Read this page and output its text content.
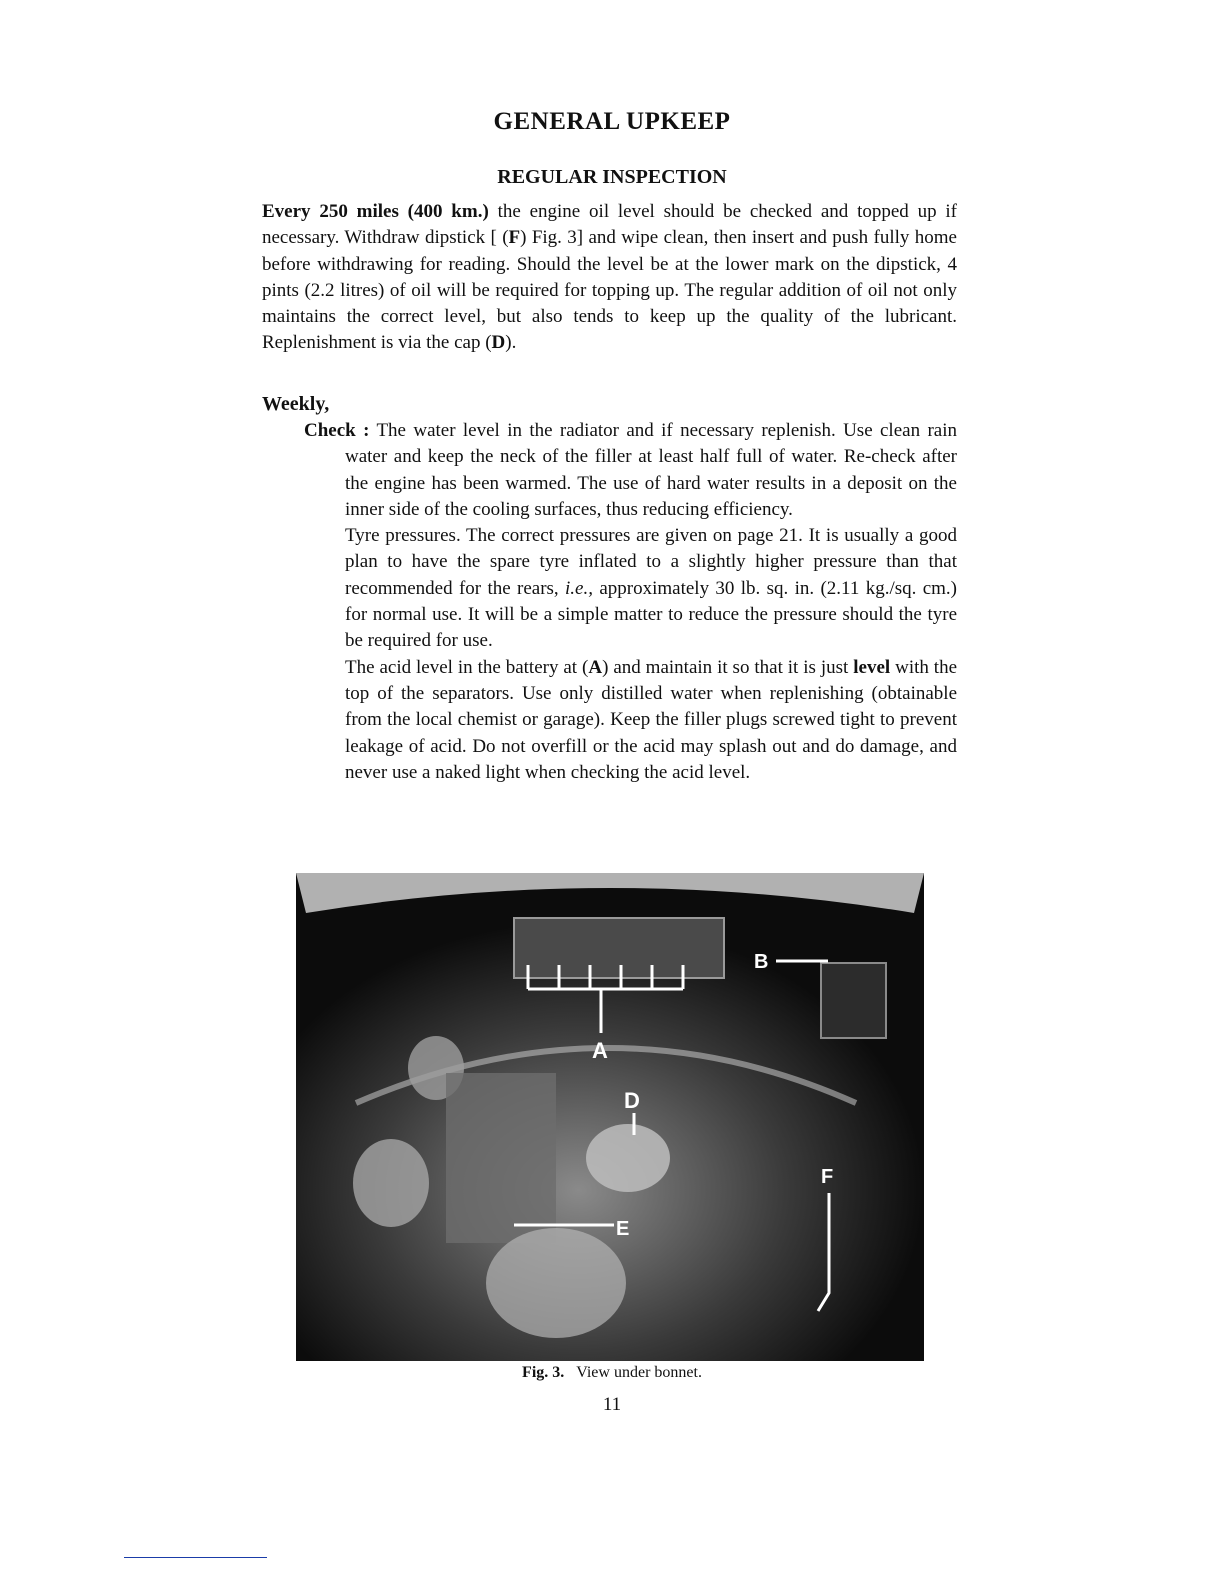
GENERAL UPKEEP
REGULAR INSPECTION
Every 250 miles (400 km.) the engine oil level should be checked and topped up if necessary. Withdraw dipstick [ (F) Fig. 3] and wipe clean, then insert and push fully home before withdrawing for reading. Should the level be at the lower mark on the dipstick, 4 pints (2.2 litres) of oil will be required for topping up. The regular addition of oil not only maintains the correct level, but also tends to keep up the quality of the lubricant. Replenishment is via the cap (D).
Weekly,

Check : The water level in the radiator and if necessary replenish. Use clean rain water and keep the neck of the filler at least half full of water. Re-check after the engine has been warmed. The use of hard water results in a deposit on the inner side of the cooling surfaces, thus reducing efficiency.

Tyre pressures. The correct pressures are given on page 21. It is usually a good plan to have the spare tyre inflated to a slightly higher pressure than that recommended for the rears, i.e., approximately 30 lb. sq. in. (2.11 kg./sq. cm.) for normal use. It will be a simple matter to reduce the pressure should the tyre be required for use.

The acid level in the battery at (A) and maintain it so that it is just level with the top of the separators. Use only distilled water when replenishing (obtainable from the local chemist or garage). Keep the filler plugs screwed tight to prevent leakage of acid. Do not overfill or the acid may splash out and do damage, and never use a naked light when checking the acid level.

A
B
D
E
F
Fig. 3. View under bonnet.
11
